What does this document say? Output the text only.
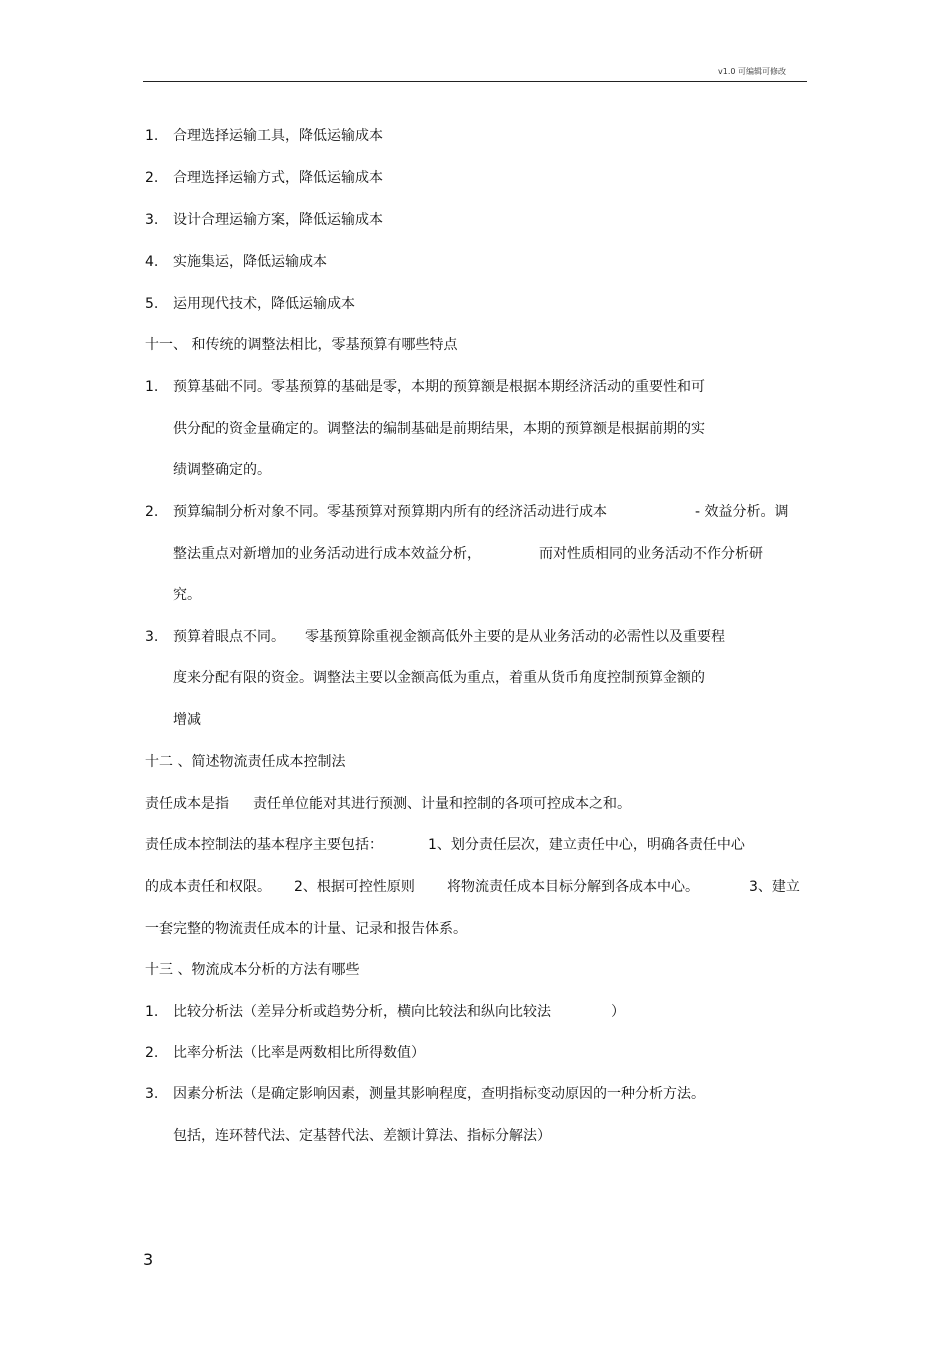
v1.0 可编辑可修改
1.	合理选择运输工具，降低运输成本
2.	合理选择运输方式，降低运输成本
3.	设计合理运输方案，降低运输成本
4.	实施集运，降低运输成本
5.	运用现代技术，降低运输成本
十一、 和传统的调整法相比，零基预算有哪些特点
1.	预算基础不同。零基预算的基础是零，本期的预算额是根据本期经济活动的重要性和可
供分配的资金量确定的。调整法的编制基础是前期结果，本期的预算额是根据前期的实
绩调整确定的。
2.	预算编制分析对象不同。零基预算对预算期内所有的经济活动进行成本	- 效益分析。调
整法重点对新增加的业务活动进行成本效益分析，	而对性质相同的业务活动不作分析研
究。
3.	预算着眼点不同。 零基预算除重视金额高低外主要的是从业务活动的必需性以及重要程
度来分配有限的资金。调整法主要以金额高低为重点，着重从货币角度控制预算金额的
增减
十二 、简述物流责任成本控制法
责任成本是指 责任单位能对其进行预测、计量和控制的各项可控成本之和。
责任成本控制法的基本程序主要包括：	1、划分责任层次，建立责任中心，明确各责任中心
的成本责任和权限。 2、根据可控性原则 将物流责任成本目标分解到各成本中心。	3、建立
一套完整的物流责任成本的计量、记录和报告体系。
十三 、物流成本分析的方法有哪些
1.	比较分析法（差异分析或趋势分析，横向比较法和纵向比较法	）
2.	比率分析法（比率是两数相比所得数值）
3.	因素分析法（是确定影响因素，测量其影响程度，查明指标变动原因的一种分析方法。
包括，连环替代法、定基替代法、差额计算法、指标分解法）
3
